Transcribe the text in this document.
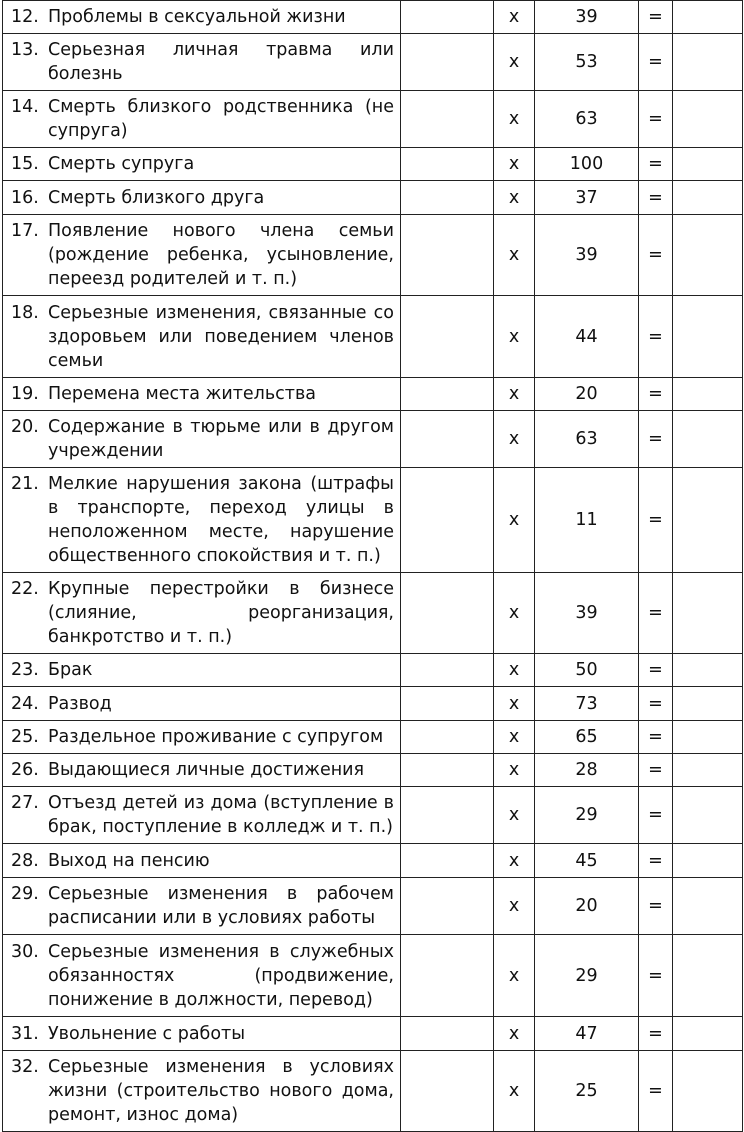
12. Проблемы в сексуальной жизни		x	39	=	

13. Серьезная личная травма или болезнь		x	53	=	

14. Смерть близкого родственника (не супруга)		x	63	=	

15. Смерть супруга		x	100	=	

16. Смерть близкого друга		x	37	=	

17. Появление нового члена семьи (рождение ребенка, усыновление, переезд родителей и т. п.)		x	39	=	

18. Серьезные изменения, связанные со здоровьем или поведением членов семьи		x	44	=	

19. Перемена места жительства		x	20	=	

20. Содержание в тюрьме или в другом учреждении		x	63	=	

21. Мелкие нарушения закона (штрафы в транспорте, переход улицы в неположенном месте, нарушение общественного спокойствия и т. п.)		x	11	=	

22. Крупные перестройки в бизнесе (слияние, реорганизация, банкротство и т. п.)		x	39	=	

23. Брак		x	50	=	

24. Развод		x	73	=	

25. Раздельное проживание с супругом		x	65	=	

26. Выдающиеся личные достижения		x	28	=	

27. Отъезд детей из дома (вступление в брак, поступление в колледж и т. п.)		x	29	=	

28. Выход на пенсию		x	45	=	

29. Серьезные изменения в рабочем расписании или в условиях работы		x	20	=	

30. Серьезные изменения в служебных обязанностях (продвижение, понижение в должности, перевод)		x	29	=	

31. Увольнение с работы		x	47	=	

32. Серьезные изменения в условиях жизни (строительство нового дома, ремонт, износ дома)		x	25	=	
